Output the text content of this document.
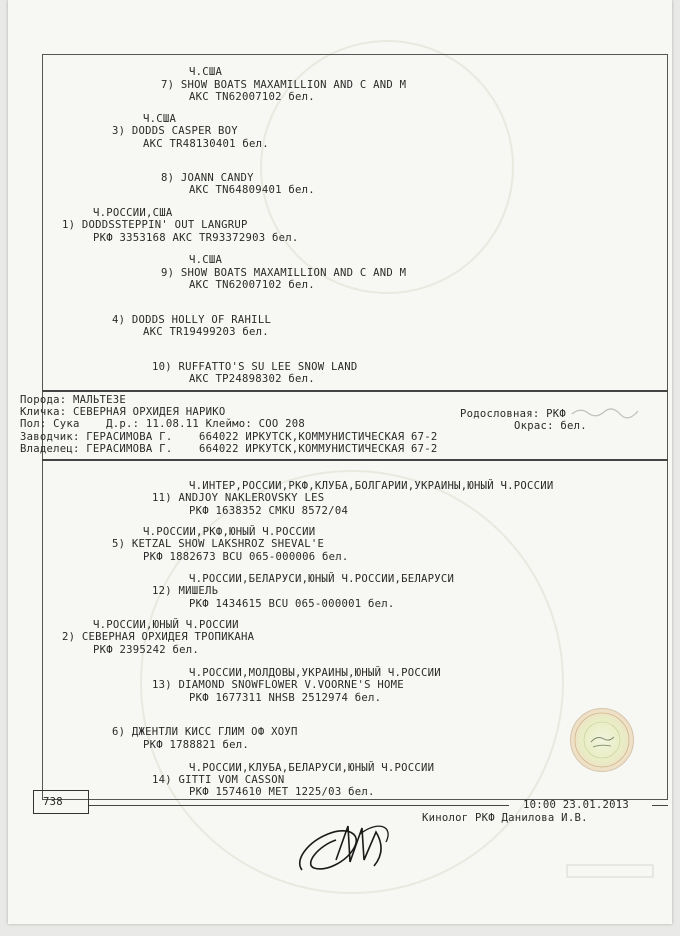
Ч.США
7) SHOW BOATS MAXAMILLION AND C AND M
АКС TN62007102 бел.
Ч.США
3) DODDS CASPER BOY
АКС TR48130401 бел.
8) JOANN CANDY
АКС TN64809401 бел.
Ч.РОССИИ,США
1) DODDSSTEPPIN' OUT LANGRUP
РКФ 3353168 АКС TR93372903 бел.
Ч.США
9) SHOW BOATS MAXAMILLION AND C AND M
АКС TN62007102 бел.
4) DODDS HOLLY OF RAHILL
АКС TR19499203 бел.
10) RUFFATTO'S SU LEE SNOW LAND
АКС TP24898302 бел.
Порода: МАЛЬТЕЗЕ
Кличка: СЕВЕРНАЯ ОРХИДЕЯ НАРИКО	Родословная: РКФ
Пол: Сука    Д.р.: 11.08.11 Клеймо: СОО 208	Окрас: бел.
Заводчик: ГЕРАСИМОВА Г.    664022 ИРКУТСК,КОММУНИСТИЧЕСКАЯ 67-2
Владелец: ГЕРАСИМОВА Г.    664022 ИРКУТСК,КОММУНИСТИЧЕСКАЯ 67-2
Ч.ИНТЕР,РОССИИ,РКФ,КЛУБА,БОЛГАРИИ,УКРАИНЫ,ЮНЫЙ Ч.РОССИИ
11) ANDJOY NAKLEROVSKY LES
РКФ 1638352 CMKU 8572/04
Ч.РОССИИ,РКФ,ЮНЫЙ Ч.РОССИИ
5) KETZAL SHOW LAKSHROZ SHEVAL'E
РКФ 1882673 BCU 065-000006 бел.
Ч.РОССИИ,БЕЛАРУСИ,ЮНЫЙ Ч.РОССИИ,БЕЛАРУСИ
12) МИШЕЛЬ
РКФ 1434615 BCU 065-000001 бел.
Ч.РОССИИ,ЮНЫЙ Ч.РОССИИ
2) СЕВЕРНАЯ ОРХИДЕЯ ТРОПИКАНА
РКФ 2395242 бел.
Ч.РОССИИ,МОЛДОВЫ,УКРАИНЫ,ЮНЫЙ Ч.РОССИИ
13) DIAMOND SNOWFLOWER V.VOORNE'S HOME
РКФ 1677311 NHSB 2512974 бел.
6) ДЖЕНТЛИ КИСС ГЛИМ ОФ ХОУП
РКФ 1788821 бел.
Ч.РОССИИ,КЛУБА,БЕЛАРУСИ,ЮНЫЙ Ч.РОССИИ
14) GITTI VOM CASSON
РКФ 1574610 MET 1225/03 бел.
738	10:00 23.01.2013
Кинолог РКФ Данилова И.В.
